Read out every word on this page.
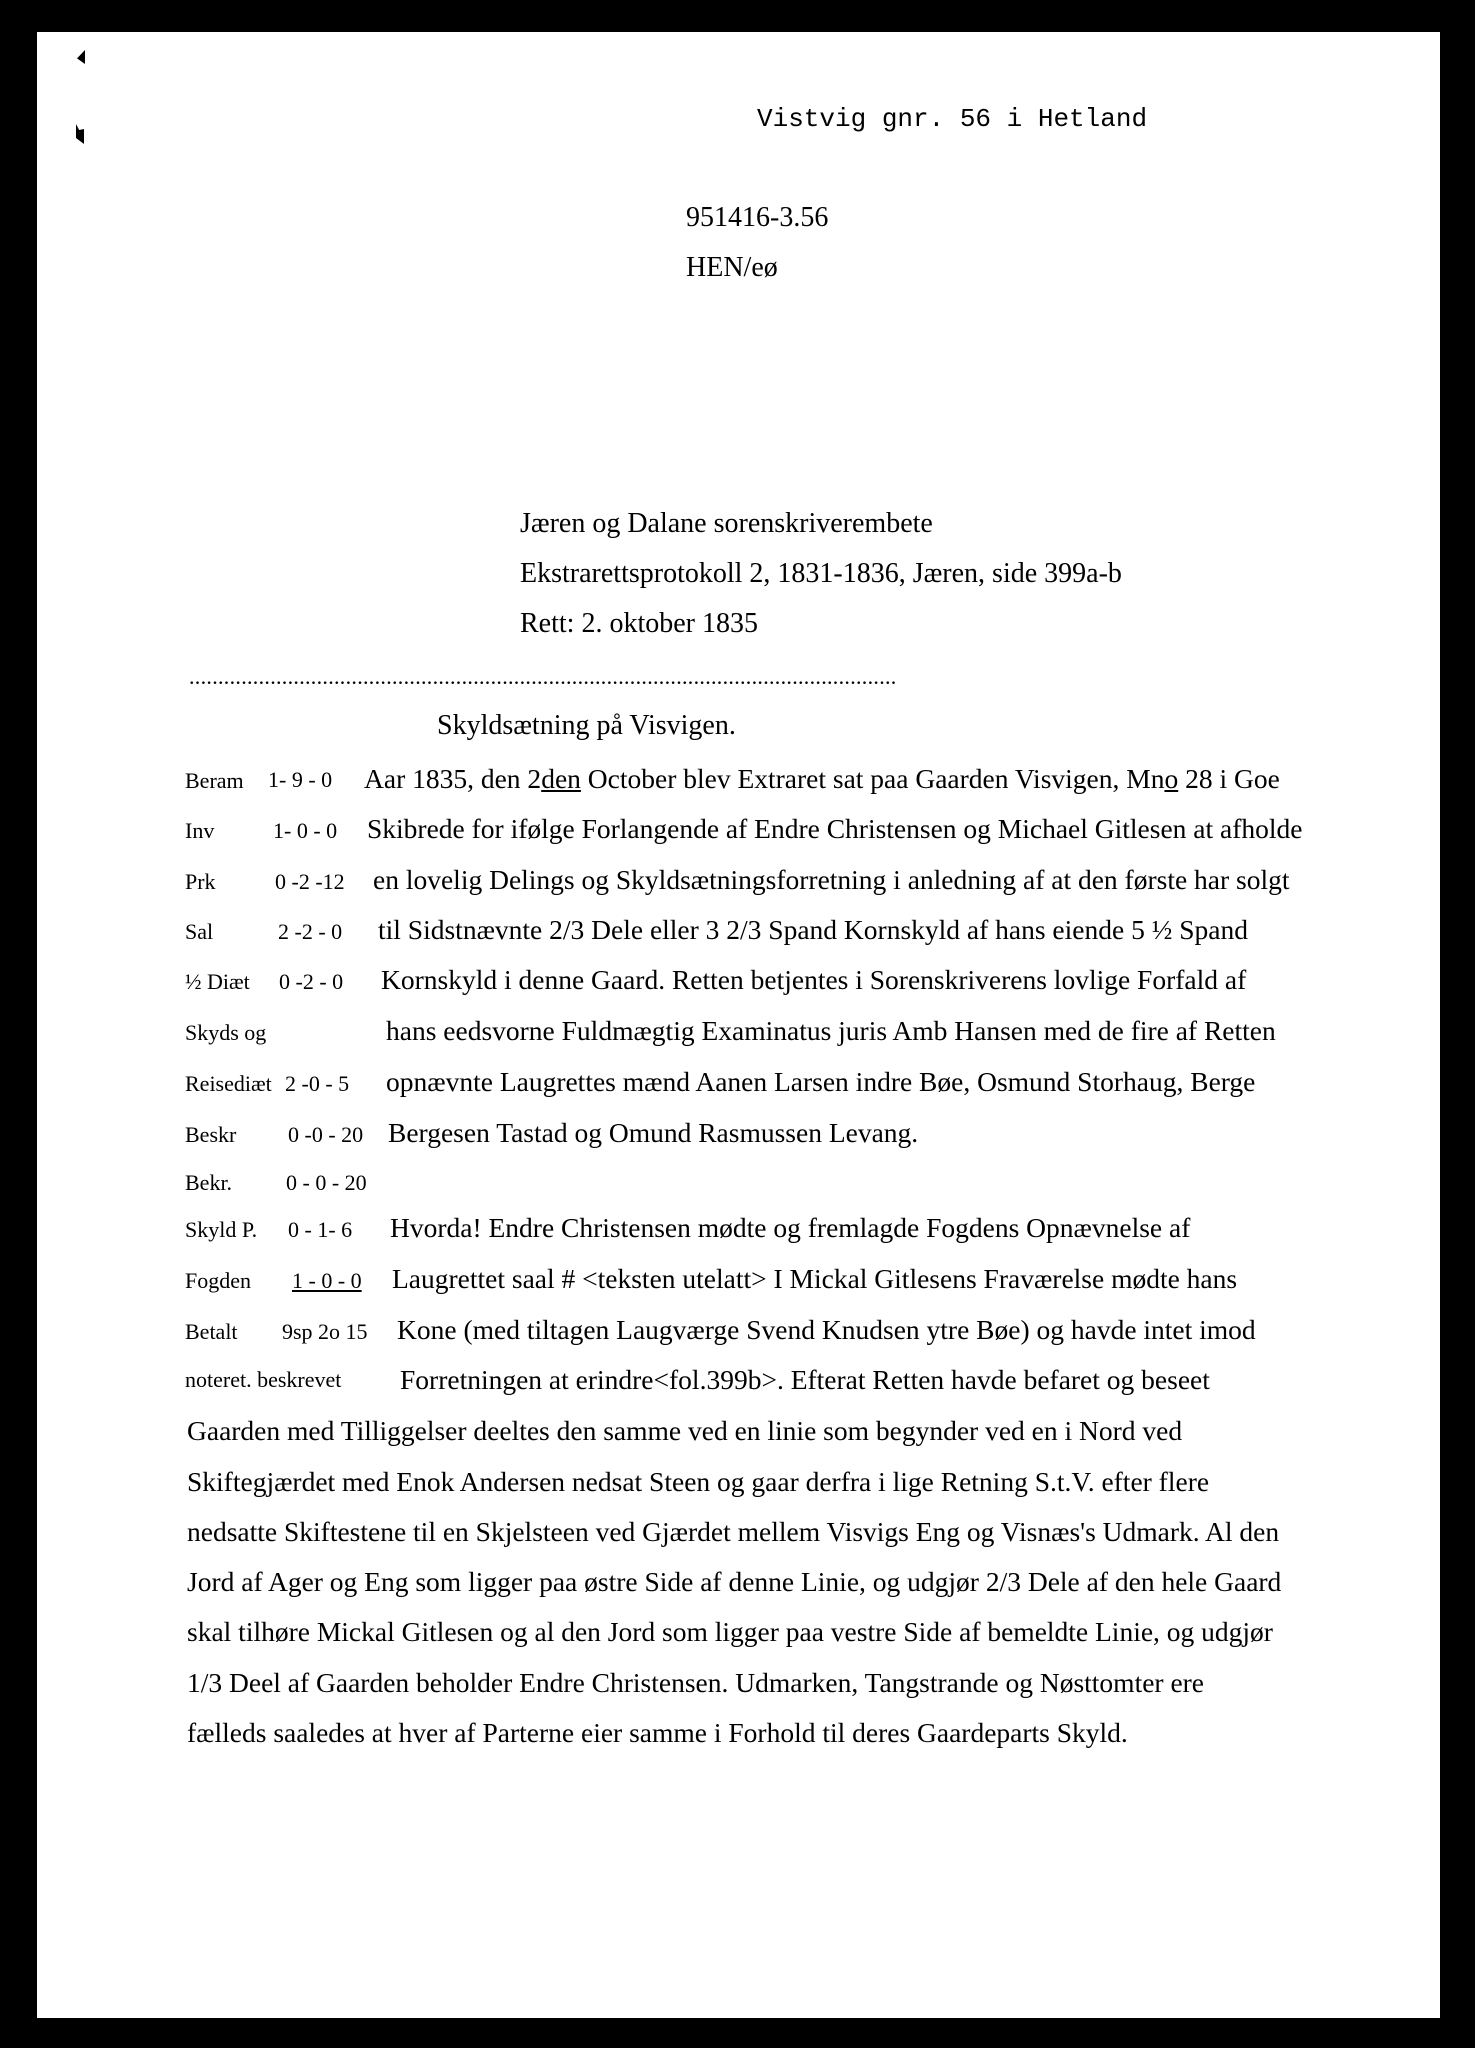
Vistvig gnr. 56 i Hetland
951416-3.56
HEN/eø
Jæren og Dalane sorenskriverembete
Ekstrarettsprotokoll 2, 1831-1836, Jæren, side 399a-b
Rett: 2. oktober 1835
..........................................................................................................................
Skyldsætning på Visvigen.
Beram
Inv
Prk
Sal
½ Diæt
Skyds og
Reisediæt
Beskr
Bekr.
Skyld P.
Fogden
Betalt
noteret. beskrevet
1- 9 - 0
1- 0 - 0
0 -2 -12
2 -2 - 0
0 -2 - 0
2 -0 - 5
0 -0 - 20
0 - 0 - 20
0 - 1- 6
1 - 0 - 0
9sp 2o 15
Aar 1835, den 2den October blev Extraret sat paa Gaarden Visvigen, Mno 28 i Goe
Skibrede for ifølge Forlangende af Endre Christensen og Michael Gitlesen at afholde
en lovelig Delings og Skyldsætningsforretning i anledning af at den første har solgt
til Sidstnævnte 2/3 Dele eller 3 2/3 Spand Kornskyld af hans eiende 5 ½ Spand
Kornskyld i denne Gaard. Retten betjentes i Sorenskriverens lovlige Forfald af
hans eedsvorne Fuldmægtig Examinatus juris Amb Hansen med de fire af Retten
opnævnte Laugrettes mænd Aanen Larsen indre Bøe, Osmund Storhaug, Berge
Bergesen Tastad og Omund Rasmussen Levang.
Hvorda! Endre Christensen mødte og fremlagde Fogdens Opnævnelse af
Laugrettet saal # <teksten utelatt> I Mickal Gitlesens Fraværelse mødte hans
Kone (med tiltagen Laugværge Svend Knudsen ytre Bøe) og havde intet imod
Forretningen at erindre<fol.399b>. Efterat Retten havde befaret og beseet
Gaarden med Tilliggelser deeltes den samme ved en linie som begynder ved en i Nord ved
Skiftegjærdet med Enok Andersen nedsat Steen og gaar derfra i lige Retning S.t.V. efter flere
nedsatte Skiftestene til en Skjelsteen ved Gjærdet mellem Visvigs Eng og Visnæs's Udmark. Al den
Jord af Ager og Eng som ligger paa østre Side af denne Linie, og udgjør 2/3 Dele af den hele Gaard
skal tilhøre Mickal Gitlesen og al den Jord som ligger paa vestre Side af bemeldte Linie, og udgjør
1/3 Deel af Gaarden beholder Endre Christensen. Udmarken, Tangstrande og Nøsttomter ere
fælleds saaledes at hver af Parterne eier samme i Forhold til deres Gaardeparts Skyld.
